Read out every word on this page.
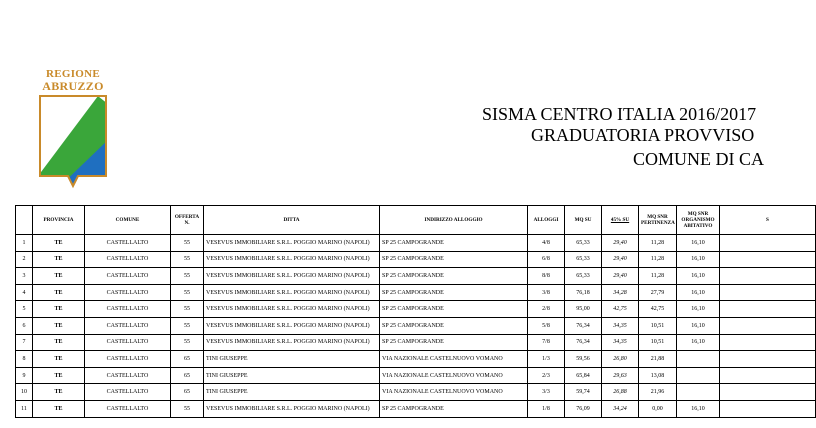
REGIONE
ABRUZZO
SISMA CENTRO ITALIA 2016/2017
GRADUATORIA PROVVISO
COMUNE DI CA
	PROVINCIA	COMUNE	OFFERTA N.	DITTA	INDIRIZZO ALLOGGIO	ALLOGGI	MQ SU	45% SU	MQ SNR PERTINENZA	MQ SNR ORGANISMO ABITATIVO	S
1	TE	CASTELLALTO	55	VESEVUS IMMOBILIARE S.R.L. POGGIO MARINO (NAPOLI)	SP 25 CAMPOGRANDE	4/8	65,33	29,40	11,28	16,10	
2	TE	CASTELLALTO	55	VESEVUS IMMOBILIARE S.R.L. POGGIO MARINO (NAPOLI)	SP 25 CAMPOGRANDE	6/8	65,33	29,40	11,28	16,10	
3	TE	CASTELLALTO	55	VESEVUS IMMOBILIARE S.R.L. POGGIO MARINO (NAPOLI)	SP 25 CAMPOGRANDE	8/8	65,33	29,40	11,28	16,10	
4	TE	CASTELLALTO	55	VESEVUS IMMOBILIARE S.R.L. POGGIO MARINO (NAPOLI)	SP 25 CAMPOGRANDE	3/8	76,18	34,28	27,79	16,10	
5	TE	CASTELLALTO	55	VESEVUS IMMOBILIARE S.R.L. POGGIO MARINO (NAPOLI)	SP 25 CAMPOGRANDE	2/8	95,00	42,75	42,75	16,10	
6	TE	CASTELLALTO	55	VESEVUS IMMOBILIARE S.R.L. POGGIO MARINO (NAPOLI)	SP 25 CAMPOGRANDE	5/8	76,34	34,35	10,51	16,10	
7	TE	CASTELLALTO	55	VESEVUS IMMOBILIARE S.R.L. POGGIO MARINO (NAPOLI)	SP 25 CAMPOGRANDE	7/8	76,34	34,35	10,51	16,10	
8	TE	CASTELLALTO	65	TINI GIUSEPPE	VIA NAZIONALE CASTELNUOVO VOMANO	1/3	59,56	26,80	21,88		
9	TE	CASTELLALTO	65	TINI GIUSEPPE	VIA NAZIONALE CASTELNUOVO VOMANO	2/3	65,84	29,63	13,08		
10	TE	CASTELLALTO	65	TINI GIUSEPPE	VIA NAZIONALE CASTELNUOVO VOMANO	3/3	59,74	26,88	21,96		
11	TE	CASTELLALTO	55	VESEVUS IMMOBILIARE S.R.L. POGGIO MARINO (NAPOLI)	SP 25 CAMPOGRANDE	1/8	76,09	34,24	0,00	16,10	
